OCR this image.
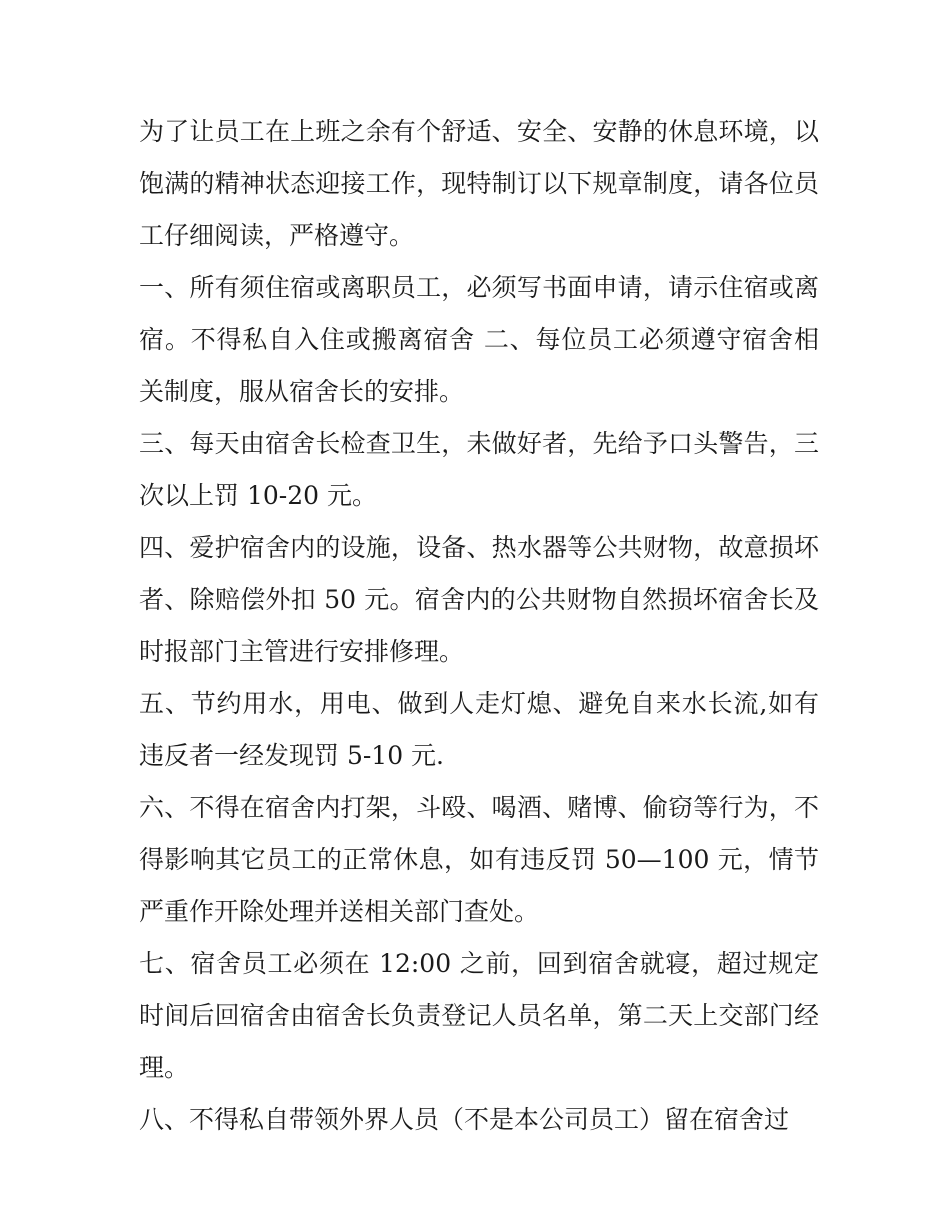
为了让员工在上班之余有个舒适、安全、安静的休息环境，以饱满的精神状态迎接工作，现特制订以下规章制度，请各位员工仔细阅读，严格遵守。

一、所有须住宿或离职员工，必须写书面申请，请示住宿或离宿。不得私自入住或搬离宿舍 二、每位员工必须遵守宿舍相关制度，服从宿舍长的安排。

三、每天由宿舍长检查卫生，未做好者，先给予口头警告，三次以上罚 10-20 元。

四、爱护宿舍内的设施，设备、热水器等公共财物，故意损坏者、除赔偿外扣 50 元。宿舍内的公共财物自然损坏宿舍长及时报部门主管进行安排修理。

五、节约用水，用电、做到人走灯熄、避免自来水长流,如有违反者一经发现罚 5-10 元.

六、不得在宿舍内打架，斗殴、喝酒、赌博、偷窃等行为，不得影响其它员工的正常休息，如有违反罚 50—100 元，情节严重作开除处理并送相关部门查处。

七、宿舍员工必须在 12:00 之前，回到宿舍就寝，超过规定时间后回宿舍由宿舍长负责登记人员名单，第二天上交部门经理。

八、不得私自带领外界人员（不是本公司员工）留在宿舍过
